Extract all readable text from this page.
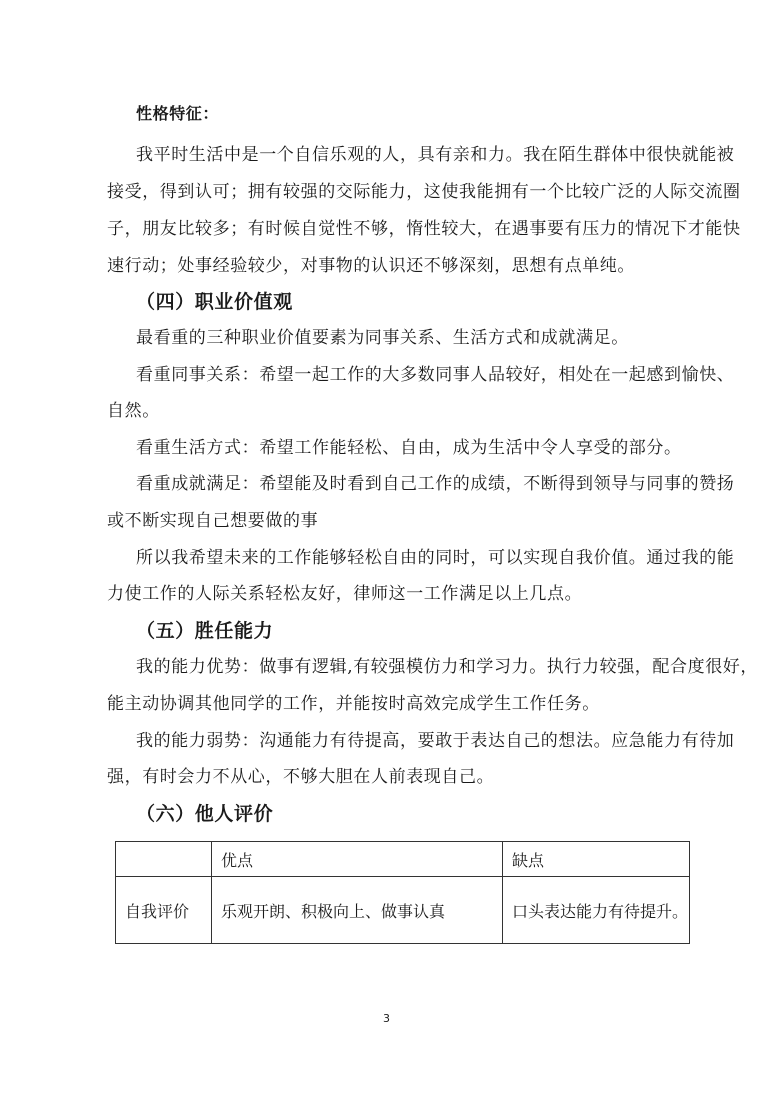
性格特征：
我平时生活中是一个自信乐观的人，具有亲和力。我在陌生群体中很快就能被
接受，得到认可；拥有较强的交际能力，这使我能拥有一个比较广泛的人际交流圈
子，朋友比较多；有时候自觉性不够，惰性较大，在遇事要有压力的情况下才能快
速行动；处事经验较少，对事物的认识还不够深刻，思想有点单纯。
（四）职业价值观
最看重的三种职业价值要素为同事关系、生活方式和成就满足。
看重同事关系：希望一起工作的大多数同事人品较好，相处在一起感到愉快、
自然。
看重生活方式：希望工作能轻松、自由，成为生活中令人享受的部分。
看重成就满足：希望能及时看到自己工作的成绩，不断得到领导与同事的赞扬
或不断实现自己想要做的事
所以我希望未来的工作能够轻松自由的同时，可以实现自我价值。通过我的能
力使工作的人际关系轻松友好，律师这一工作满足以上几点。
（五）胜任能力
我的能力优势：做事有逻辑,有较强模仿力和学习力。执行力较强，配合度很好，
能主动协调其他同学的工作，并能按时高效完成学生工作任务。
我的能力弱势：沟通能力有待提高，要敢于表达自己的想法。应急能力有待加
强，有时会力不从心，不够大胆在人前表现自己。
（六）他人评价
	优点	缺点
自我评价	乐观开朗、积极向上、做事认真	口头表达能力有待提升。
3
